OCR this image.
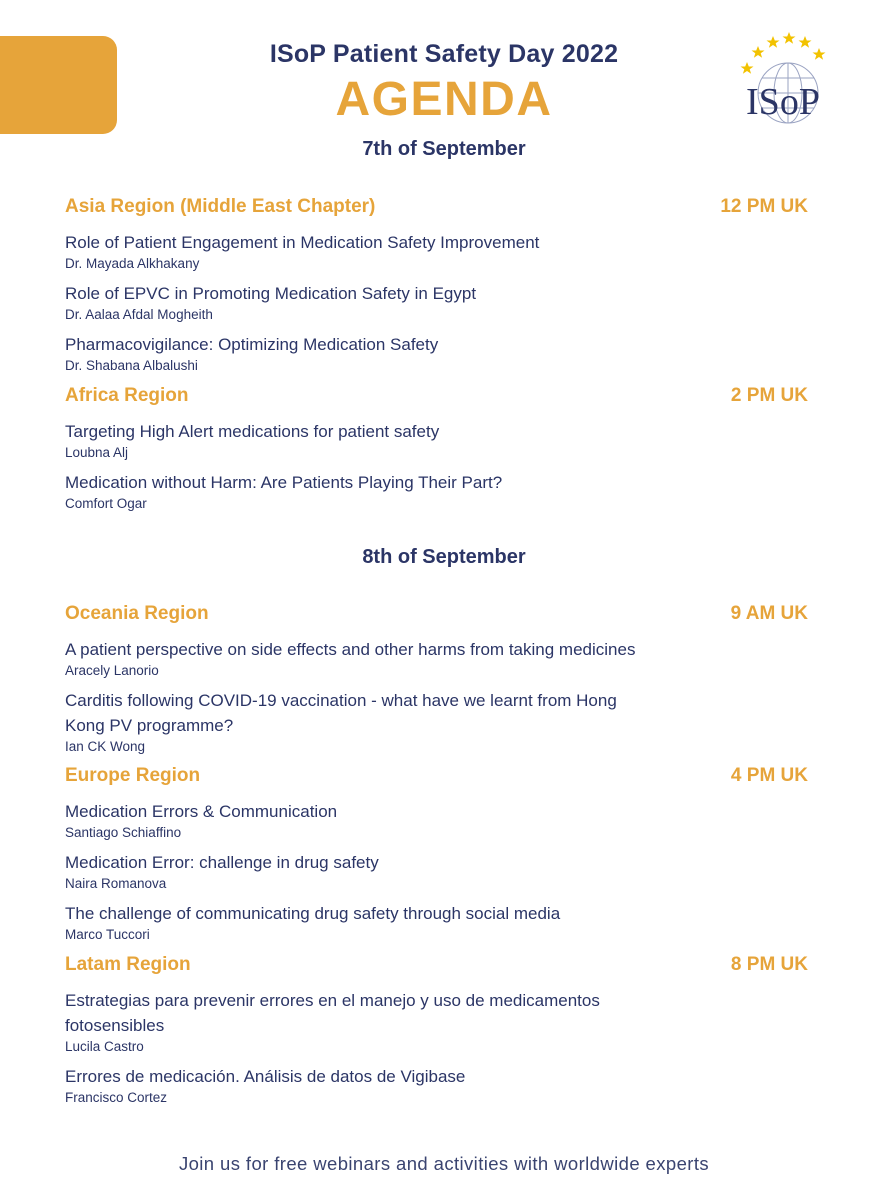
ISoP Patient Safety Day 2022
AGENDA	ISoP
7th of September
Asia Region (Middle East Chapter)	12 PM UK
Role of Patient Engagement in Medication Safety Improvement
Dr. Mayada Alkhakany
Role of EPVC in Promoting Medication Safety in Egypt
Dr. Aalaa Afdal Mogheith
Pharmacovigilance: Optimizing Medication Safety
Dr. Shabana Albalushi
Africa Region	2 PM UK
Targeting High Alert medications for patient safety
Loubna Alj
Medication without Harm: Are Patients Playing Their Part?
Comfort Ogar
8th of September
Oceania Region	9 AM UK
A patient perspective on side effects and other harms from taking medicines
Aracely Lanorio
Carditis following COVID-19 vaccination - what have we learnt from Hong Kong PV programme?
Ian CK Wong
Europe Region	4 PM UK
Medication Errors & Communication
Santiago Schiaffino
Medication Error: challenge in drug safety
Naira Romanova
The challenge of communicating drug safety through social media
Marco Tuccori
Latam Region	8 PM UK
Estrategias para prevenir errores en el manejo y uso de medicamentos fotosensibles
Lucila Castro
Errores de medicación. Análisis de datos de Vigibase
Francisco Cortez
Join us for free webinars and activities with worldwide experts
